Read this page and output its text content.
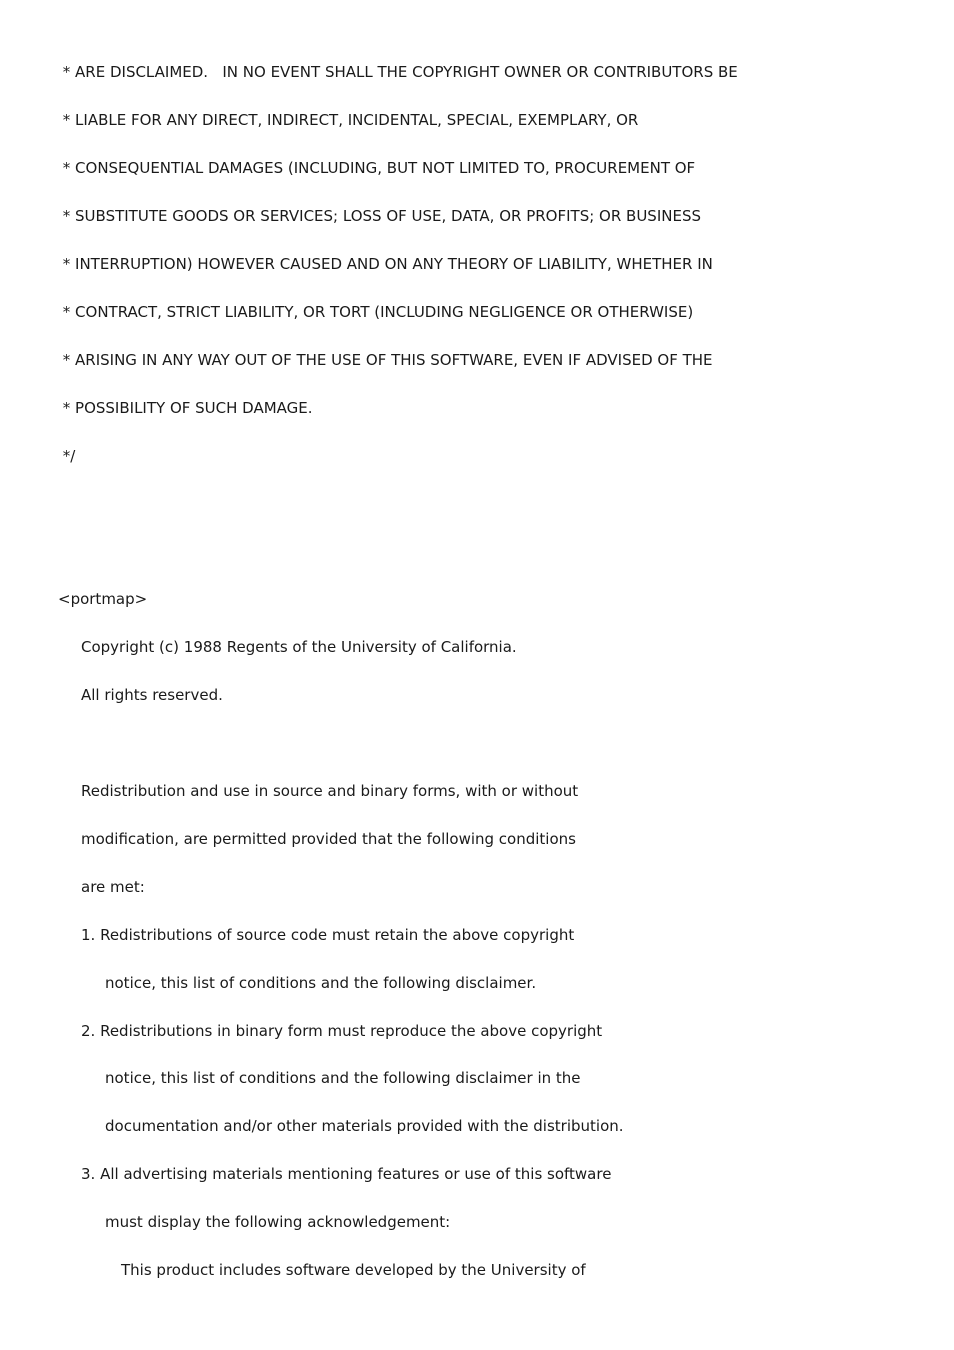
* ARE DISCLAIMED.   IN NO EVENT SHALL THE COPYRIGHT OWNER OR CONTRIBUTORS BE

* LIABLE FOR ANY DIRECT, INDIRECT, INCIDENTAL, SPECIAL, EXEMPLARY, OR

* CONSEQUENTIAL DAMAGES (INCLUDING, BUT NOT LIMITED TO, PROCUREMENT OF

* SUBSTITUTE GOODS OR SERVICES; LOSS OF USE, DATA, OR PROFITS; OR BUSINESS

* INTERRUPTION) HOWEVER CAUSED AND ON ANY THEORY OF LIABILITY, WHETHER IN

* CONTRACT, STRICT LIABILITY, OR TORT (INCLUDING NEGLIGENCE OR OTHERWISE)

* ARISING IN ANY WAY OUT OF THE USE OF THIS SOFTWARE, EVEN IF ADVISED OF THE

* POSSIBILITY OF SUCH DAMAGE.

*/

<portmap>

Copyright (c) 1988 Regents of the University of California.

All rights reserved.

Redistribution and use in source and binary forms, with or without

modification, are permitted provided that the following conditions

are met:

1. Redistributions of source code must retain the above copyright

notice, this list of conditions and the following disclaimer.

2. Redistributions in binary form must reproduce the above copyright

notice, this list of conditions and the following disclaimer in the

documentation and/or other materials provided with the distribution.

3. All advertising materials mentioning features or use of this software

must display the following acknowledgement:

This product includes software developed by the University of
